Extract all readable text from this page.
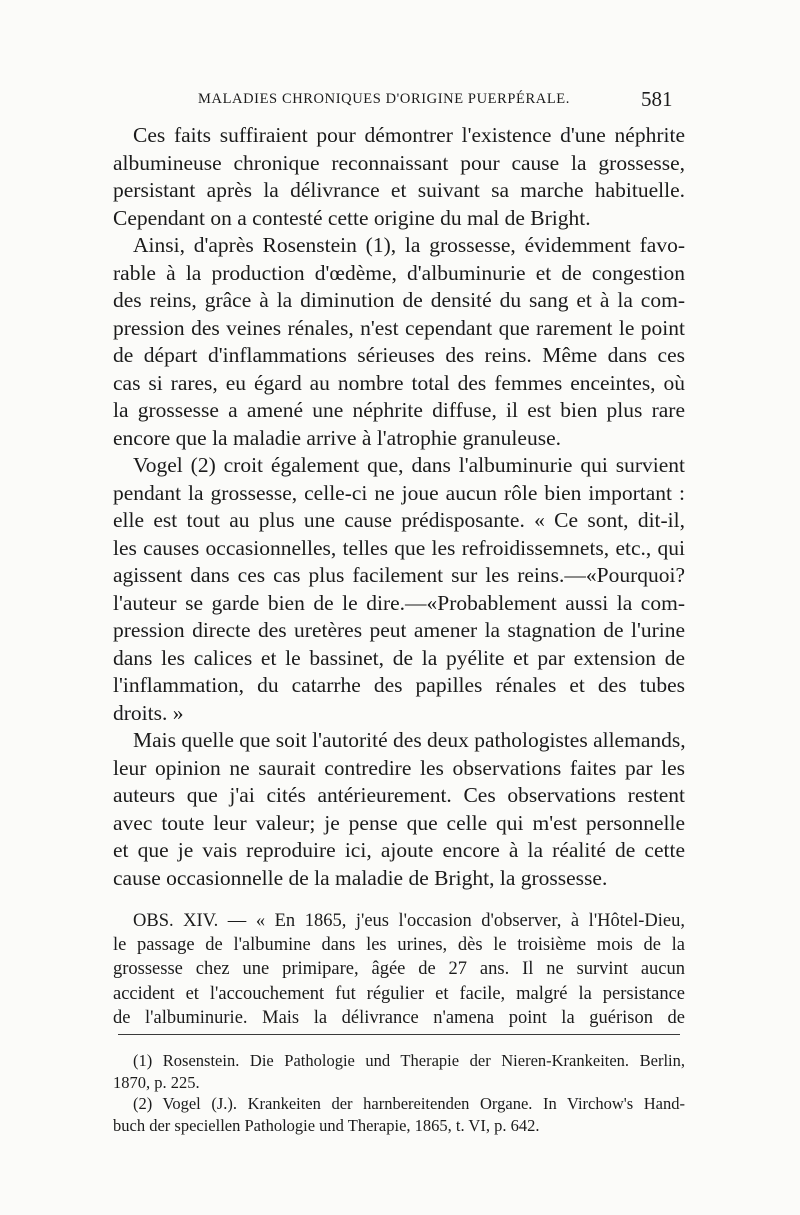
MALADIES CHRONIQUES D'ORIGINE PUERPÉRALE.	581
Ces faits suffiraient pour démontrer l'existence d'une néphrite
albumineuse chronique reconnaissant pour cause la grossesse,
persistant après la délivrance et suivant sa marche habituelle.
Cependant on a contesté cette origine du mal de Bright.
Ainsi, d'après Rosenstein (1), la grossesse, évidemment favo-
rable à la production d'œdème, d'albuminurie et de congestion
des reins, grâce à la diminution de densité du sang et à la com-
pression des veines rénales, n'est cependant que rarement le point
de départ d'inflammations sérieuses des reins. Même dans ces
cas si rares, eu égard au nombre total des femmes enceintes, où
la grossesse a amené une néphrite diffuse, il est bien plus rare
encore que la maladie arrive à l'atrophie granuleuse.
Vogel (2) croit également que, dans l'albuminurie qui survient
pendant la grossesse, celle-ci ne joue aucun rôle bien important :
elle est tout au plus une cause prédisposante. « Ce sont, dit-il,
les causes occasionnelles, telles que les refroidissemnets, etc., qui
agissent dans ces cas plus facilement sur les reins.—«Pourquoi?
l'auteur se garde bien de le dire.—«Probablement aussi la com-
pression directe des uretères peut amener la stagnation de l'urine
dans les calices et le bassinet, de la pyélite et par extension de
l'inflammation, du catarrhe des papilles rénales et des tubes
droits. »
Mais quelle que soit l'autorité des deux pathologistes allemands,
leur opinion ne saurait contredire les observations faites par les
auteurs que j'ai cités antérieurement. Ces observations restent
avec toute leur valeur; je pense que celle qui m'est personnelle
et que je vais reproduire ici, ajoute encore à la réalité de cette
cause occasionnelle de la maladie de Bright, la grossesse.
OBS. XIV. — « En 1865, j'eus l'occasion d'observer, à l'Hôtel-Dieu,
le passage de l'albumine dans les urines, dès le troisième mois de la
grossesse chez une primipare, âgée de 27 ans. Il ne survint aucun
accident et l'accouchement fut régulier et facile, malgré la persistance
de l'albuminurie. Mais la délivrance n'amena point la guérison de
(1) Rosenstein. Die Pathologie und Therapie der Nieren-Krankeiten. Berlin,
1870, p. 225.
(2) Vogel (J.). Krankeiten der harnbereitenden Organe. In Virchow's Hand-
buch der speciellen Pathologie und Therapie, 1865, t. VI, p. 642.
